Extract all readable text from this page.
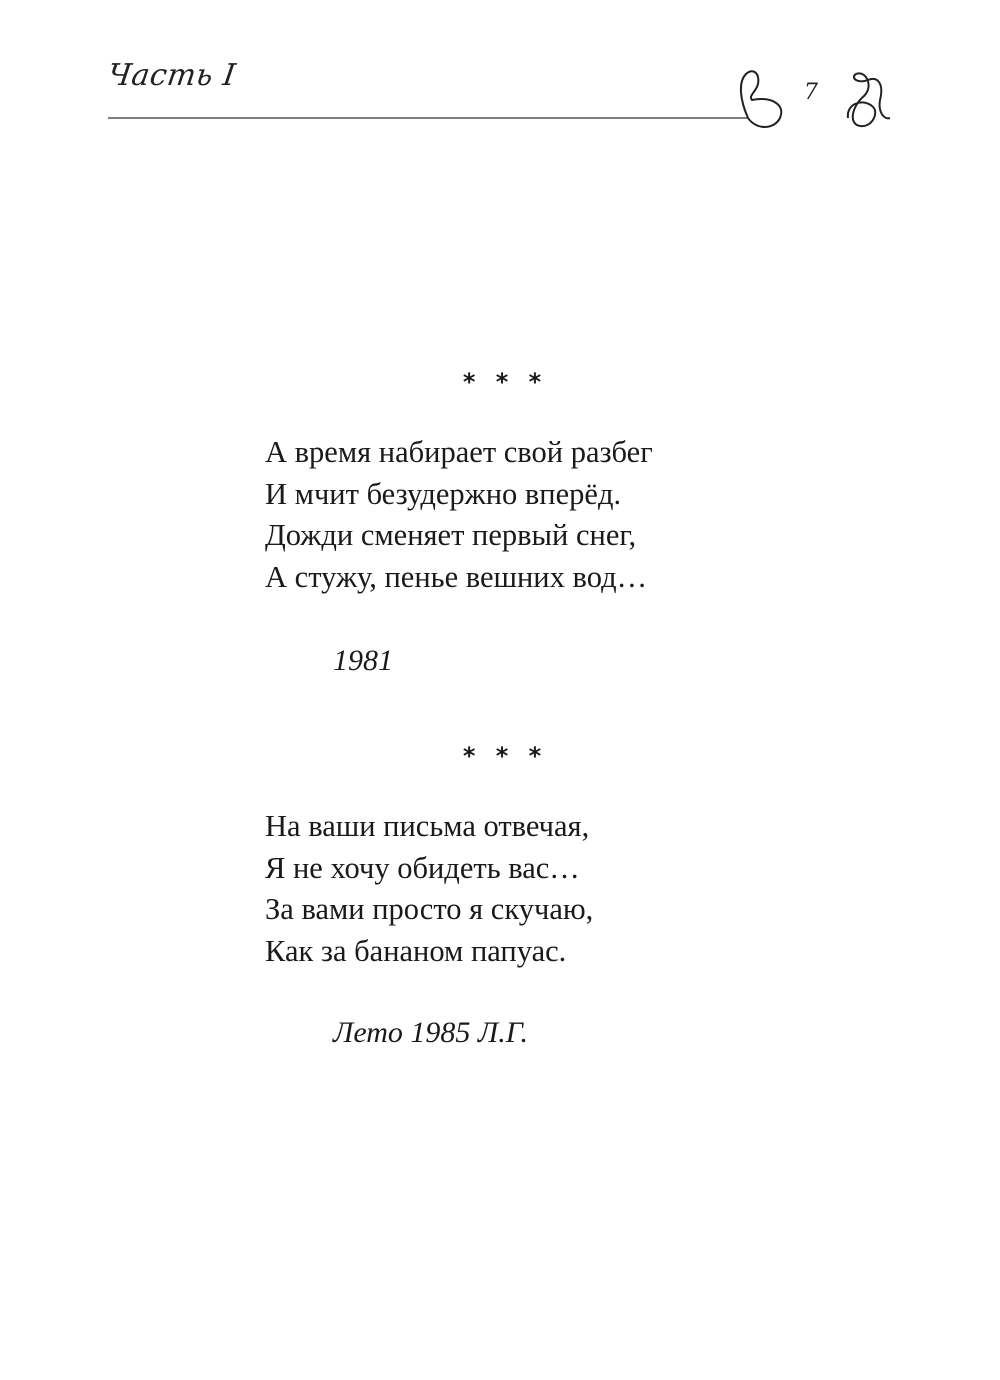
Часть I	7
* * *
А время набирает свой разбег
И мчит безудержно вперёд.
Дожди сменяет первый снег,
А стужу, пенье вешних вод…
1981
* * *
На ваши письма отвечая,
Я не хочу обидеть вас…
За вами просто я скучаю,
Как за бананом папуас.
Лето 1985 Л.Г.
